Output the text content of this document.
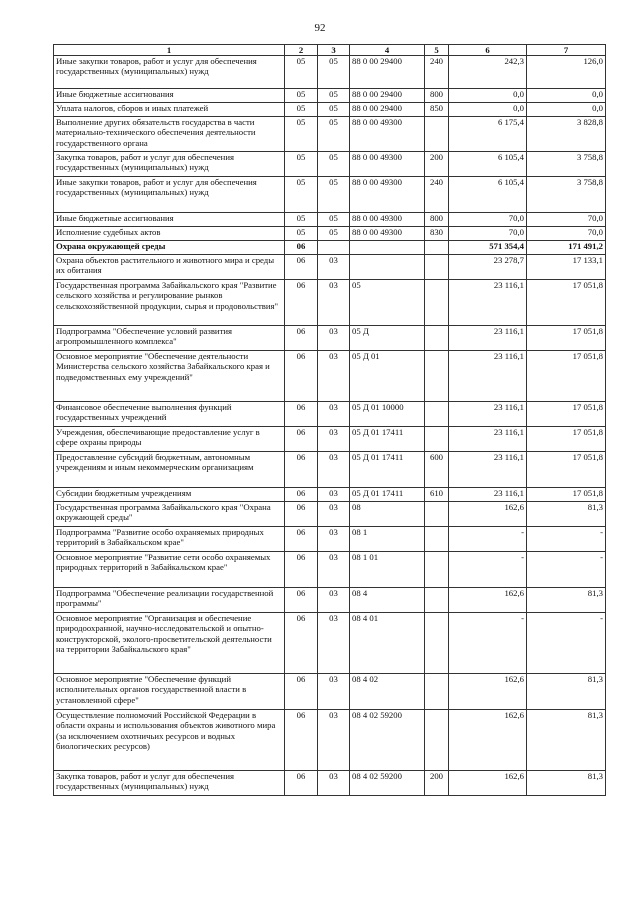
92
1	2	3	4	5	6	7
Иные закупки товаров, работ и услуг для обеспечения государственных (муниципальных) нужд	05	05	88 0 00 29400	240	242,3	126,0
Иные бюджетные ассигнования	05	05	88 0 00 29400	800	0,0	0,0
Уплата налогов, сборов и иных платежей	05	05	88 0 00 29400	850	0,0	0,0
Выполнение других обязательств государства в части материально-технического обеспечения деятельности государственного органа	05	05	88 0 00 49300		6 175,4	3 828,8
Закупка товаров, работ и услуг для обеспечения государственных (муниципальных) нужд	05	05	88 0 00 49300	200	6 105,4	3 758,8
Иные закупки товаров, работ и услуг для обеспечения государственных (муниципальных) нужд	05	05	88 0 00 49300	240	6 105,4	3 758,8
Иные бюджетные ассигнования	05	05	88 0 00 49300	800	70,0	70,0
Исполнение судебных актов	05	05	88 0 00 49300	830	70,0	70,0
Охрана окружающей среды	06				571 354,4	171 491,2
Охрана объектов растительного и животного мира и среды их обитания	06	03			23 278,7	17 133,1
Государственная программа Забайкальского края "Развитие сельского хозяйства и регулирование рынков сельскохозяйственной продукции, сырья и продовольствия"	06	03	05		23 116,1	17 051,8
Подпрограмма "Обеспечение условий развития агропромышленного комплекса"	06	03	05 Д		23 116,1	17 051,8
Основное мероприятие "Обеспечение деятельности Министерства сельского хозяйства Забайкальского края и подведомственных ему учреждений"	06	03	05 Д 01		23 116,1	17 051,8
Финансовое обеспечение выполнения функций государственных учреждений	06	03	05 Д 01 10000		23 116,1	17 051,8
Учреждения, обеспечивающие предоставление услуг в сфере охраны природы	06	03	05 Д 01 17411		23 116,1	17 051,8
Предоставление субсидий бюджетным, автономным учреждениям и иным некоммерческим организациям	06	03	05 Д 01 17411	600	23 116,1	17 051,8
Субсидии бюджетным учреждениям	06	03	05 Д 01 17411	610	23 116,1	17 051,8
Государственная программа Забайкальского края "Охрана окружающей среды"	06	03	08		162,6	81,3
Подпрограмма "Развитие особо охраняемых природных территорий в Забайкальском крае"	06	03	08 1		-	-
Основное мероприятие "Развитие сети особо охраняемых природных территорий в Забайкальском крае"	06	03	08 1 01		-	-
Подпрограмма "Обеспечение реализации государственной программы"	06	03	08 4		162,6	81,3
Основное мероприятие "Организация и обеспечение природоохранной, научно-исследовательской и опытно- конструкторской, эколого-просветительской деятельности на территории Забайкальского края"	06	03	08 4 01		-	-
Основное мероприятие "Обеспечение функций исполнительных органов государственной власти в установленной сфере"	06	03	08 4 02		162,6	81,3
Осуществление полномочий Российской Федерации в области охраны и использования объектов животного мира (за исключением охотничьих ресурсов и водных биологических ресурсов)	06	03	08 4 02 59200		162,6	81,3
Закупка товаров, работ и услуг для обеспечения государственных (муниципальных) нужд	06	03	08 4 02 59200	200	162,6	81,3
